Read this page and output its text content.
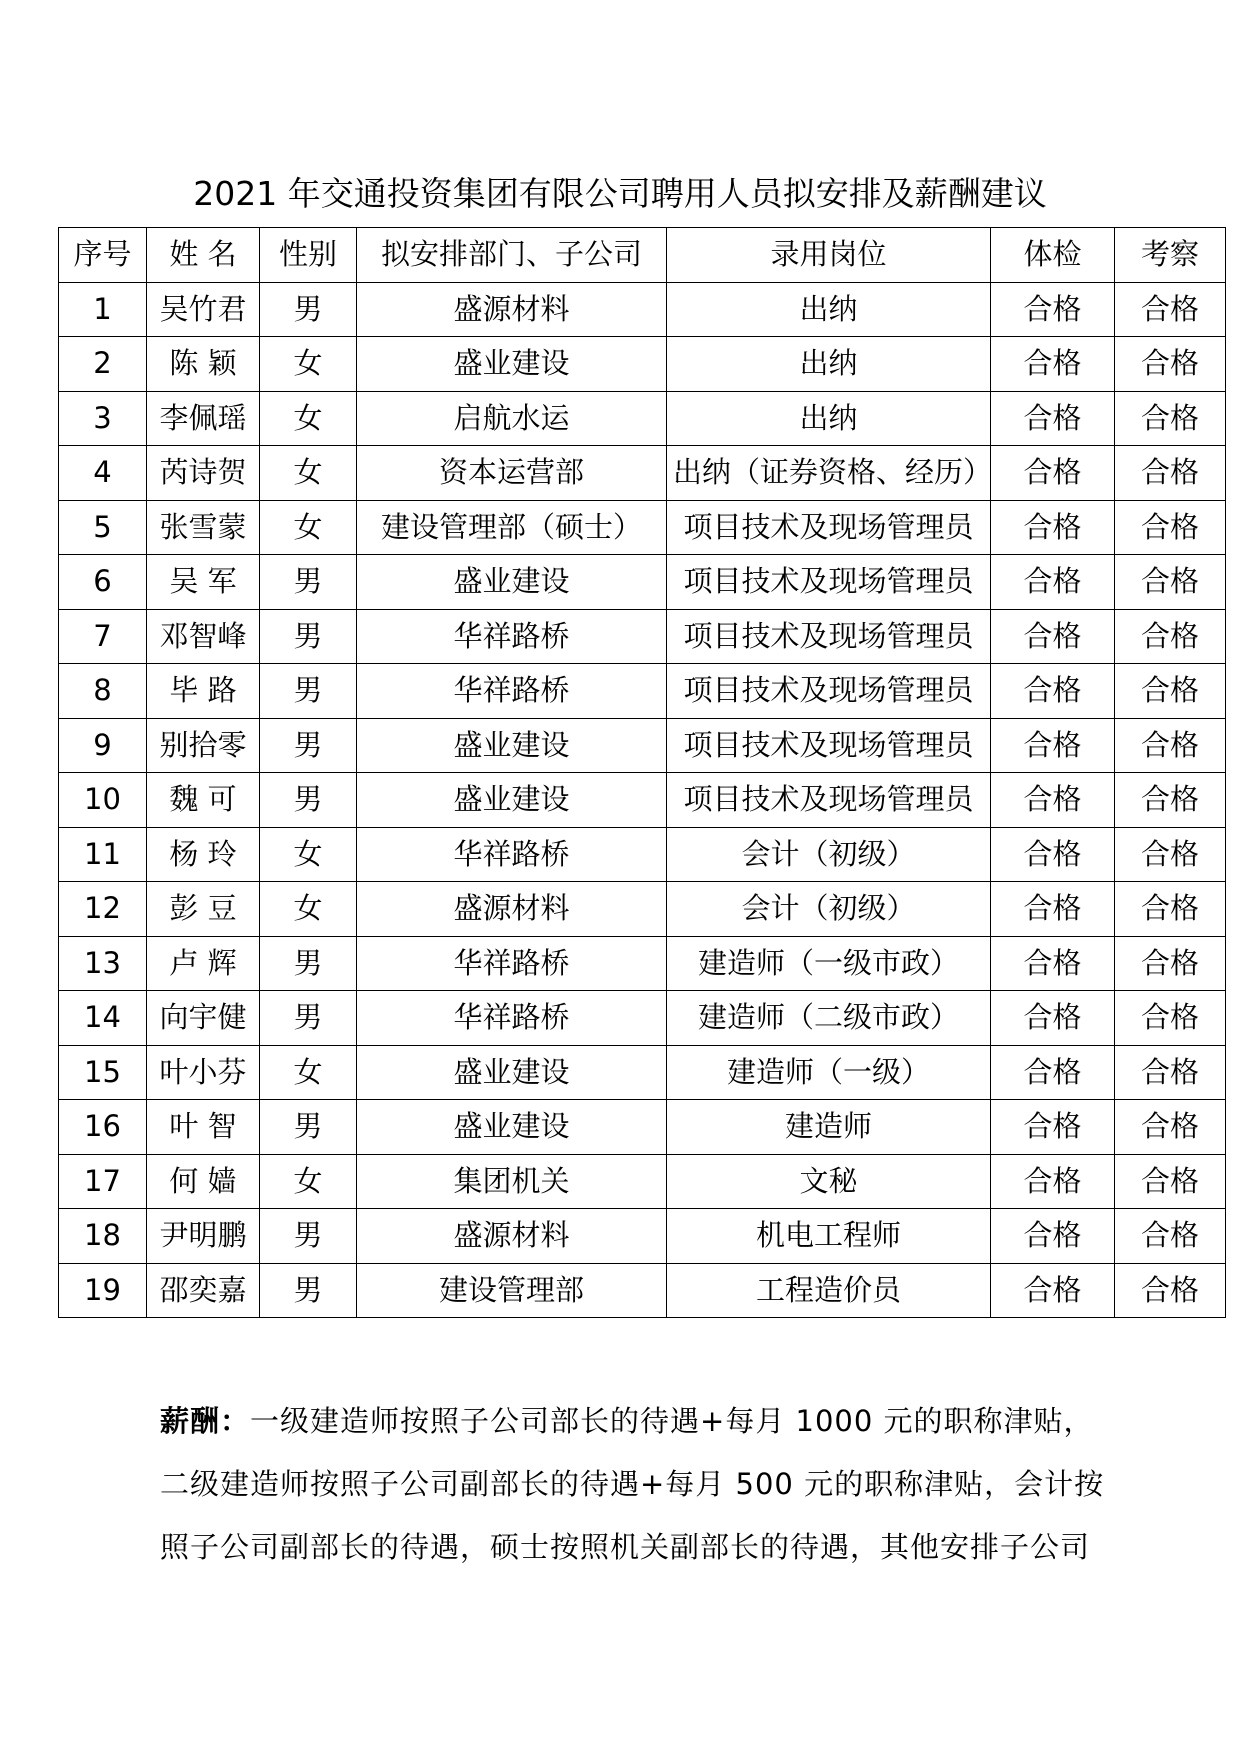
2021 年交通投资集团有限公司聘用人员拟安排及薪酬建议
序号	姓 名	性别	拟安排部门、子公司	录用岗位	体检	考察
1	吴竹君	男	盛源材料	出纳	合格	合格
2	陈 颖	女	盛业建设	出纳	合格	合格
3	李佩瑶	女	启航水运	出纳	合格	合格
4	芮诗贺	女	资本运营部	出纳（证券资格、经历）	合格	合格
5	张雪蒙	女	建设管理部（硕士）	项目技术及现场管理员	合格	合格
6	吴 军	男	盛业建设	项目技术及现场管理员	合格	合格
7	邓智峰	男	华祥路桥	项目技术及现场管理员	合格	合格
8	毕 路	男	华祥路桥	项目技术及现场管理员	合格	合格
9	别拾零	男	盛业建设	项目技术及现场管理员	合格	合格
10	魏 可	男	盛业建设	项目技术及现场管理员	合格	合格
11	杨 玲	女	华祥路桥	会计（初级）	合格	合格
12	彭 豆	女	盛源材料	会计（初级）	合格	合格
13	卢 辉	男	华祥路桥	建造师（一级市政）	合格	合格
14	向宇健	男	华祥路桥	建造师（二级市政）	合格	合格
15	叶小芬	女	盛业建设	建造师（一级）	合格	合格
16	叶 智	男	盛业建设	建造师	合格	合格
17	何 嫱	女	集团机关	文秘	合格	合格
18	尹明鹏	男	盛源材料	机电工程师	合格	合格
19	邵奕嘉	男	建设管理部	工程造价员	合格	合格
薪酬：一级建造师按照子公司部长的待遇+每月 1000 元的职称津贴，
二级建造师按照子公司副部长的待遇+每月 500 元的职称津贴，会计按
照子公司副部长的待遇，硕士按照机关副部长的待遇，其他安排子公司
